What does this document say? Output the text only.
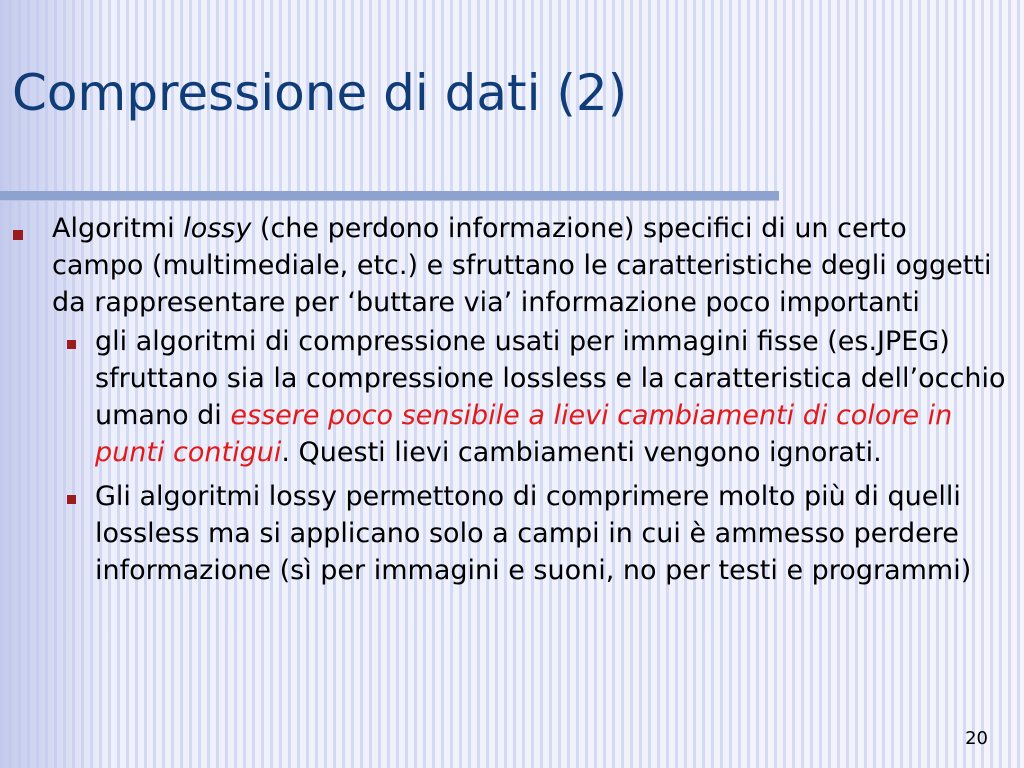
Compressione di dati (2)
Algoritmi lossy (che perdono informazione) specifici di un certo campo (multimediale, etc.) e sfruttano le caratteristiche degli oggetti da rappresentare per ‘buttare via’ informazione poco importanti
gli algoritmi di compressione usati per immagini fisse (es.JPEG) sfruttano sia la compressione lossless e la caratteristica dell’occhio umano di essere poco sensibile a lievi cambiamenti di colore in punti contigui. Questi lievi cambiamenti vengono ignorati.
Gli algoritmi lossy permettono di comprimere molto più di quelli lossless ma si applicano solo a campi in cui è ammesso perdere informazione (sì per immagini e suoni, no per testi e programmi)
20
